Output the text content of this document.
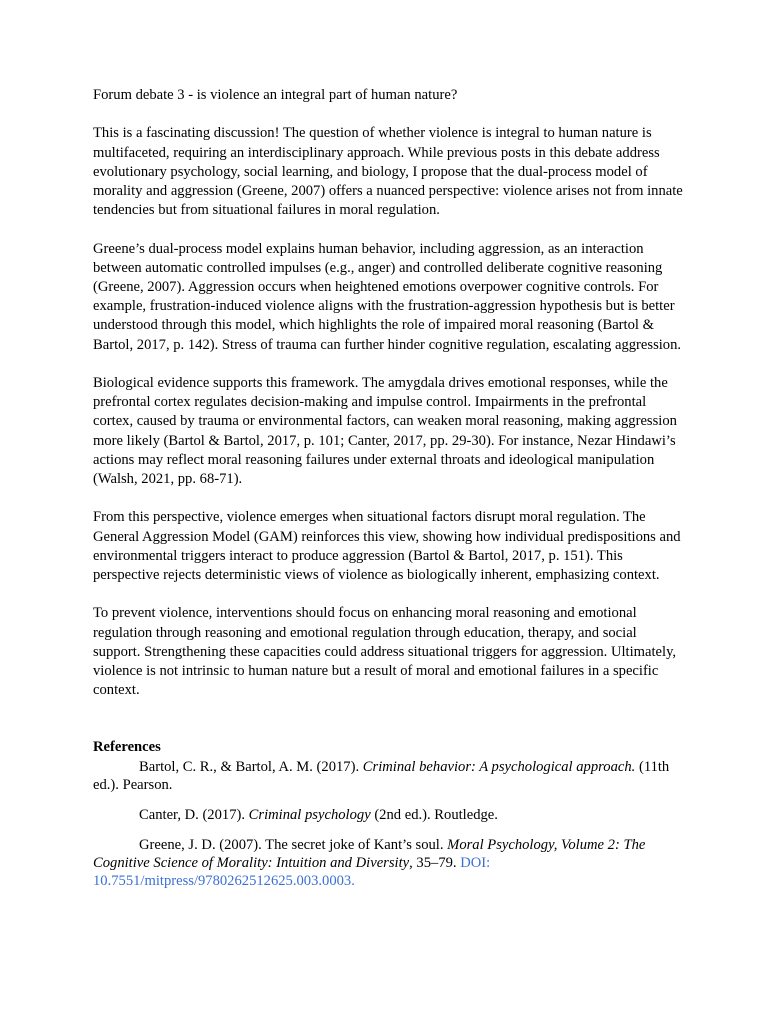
Forum debate 3 - is violence an integral part of human nature?

This is a fascinating discussion! The question of whether violence is integral to human nature is multifaceted, requiring an interdisciplinary approach. While previous posts in this debate address evolutionary psychology, social learning, and biology, I propose that the dual-process model of morality and aggression (Greene, 2007) offers a nuanced perspective: violence arises not from innate tendencies but from situational failures in moral regulation.

Greene’s dual-process model explains human behavior, including aggression, as an interaction between automatic controlled impulses (e.g., anger) and controlled deliberate cognitive reasoning (Greene, 2007). Aggression occurs when heightened emotions overpower cognitive controls. For example, frustration-induced violence aligns with the frustration-aggression hypothesis but is better understood through this model, which highlights the role of impaired moral reasoning (Bartol & Bartol, 2017, p. 142). Stress of trauma can further hinder cognitive regulation, escalating aggression.

Biological evidence supports this framework. The amygdala drives emotional responses, while the prefrontal cortex regulates decision-making and impulse control. Impairments in the prefrontal cortex, caused by trauma or environmental factors, can weaken moral reasoning, making aggression more likely (Bartol & Bartol, 2017, p. 101; Canter, 2017, pp. 29-30). For instance, Nezar Hindawi’s actions may reflect moral reasoning failures under external throats and ideological manipulation (Walsh, 2021, pp. 68-71).

From this perspective, violence emerges when situational factors disrupt moral regulation. The General Aggression Model (GAM) reinforces this view, showing how individual predispositions and environmental triggers interact to produce aggression (Bartol & Bartol, 2017, p. 151). This perspective rejects deterministic views of violence as biologically inherent, emphasizing context.

To prevent violence, interventions should focus on enhancing moral reasoning and emotional regulation through reasoning and emotional regulation through education, therapy, and social support. Strengthening these capacities could address situational triggers for aggression. Ultimately, violence is not intrinsic to human nature but a result of moral and emotional failures in a specific context.

References

Bartol, C. R., & Bartol, A. M. (2017). Criminal behavior: A psychological approach. (11th ed.). Pearson.

Canter, D. (2017). Criminal psychology (2nd ed.). Routledge.

Greene, J. D. (2007). The secret joke of Kant’s soul. Moral Psychology, Volume 2: The Cognitive Science of Morality: Intuition and Diversity, 35–79. DOI: 10.7551/mitpress/9780262512625.003.0003.
